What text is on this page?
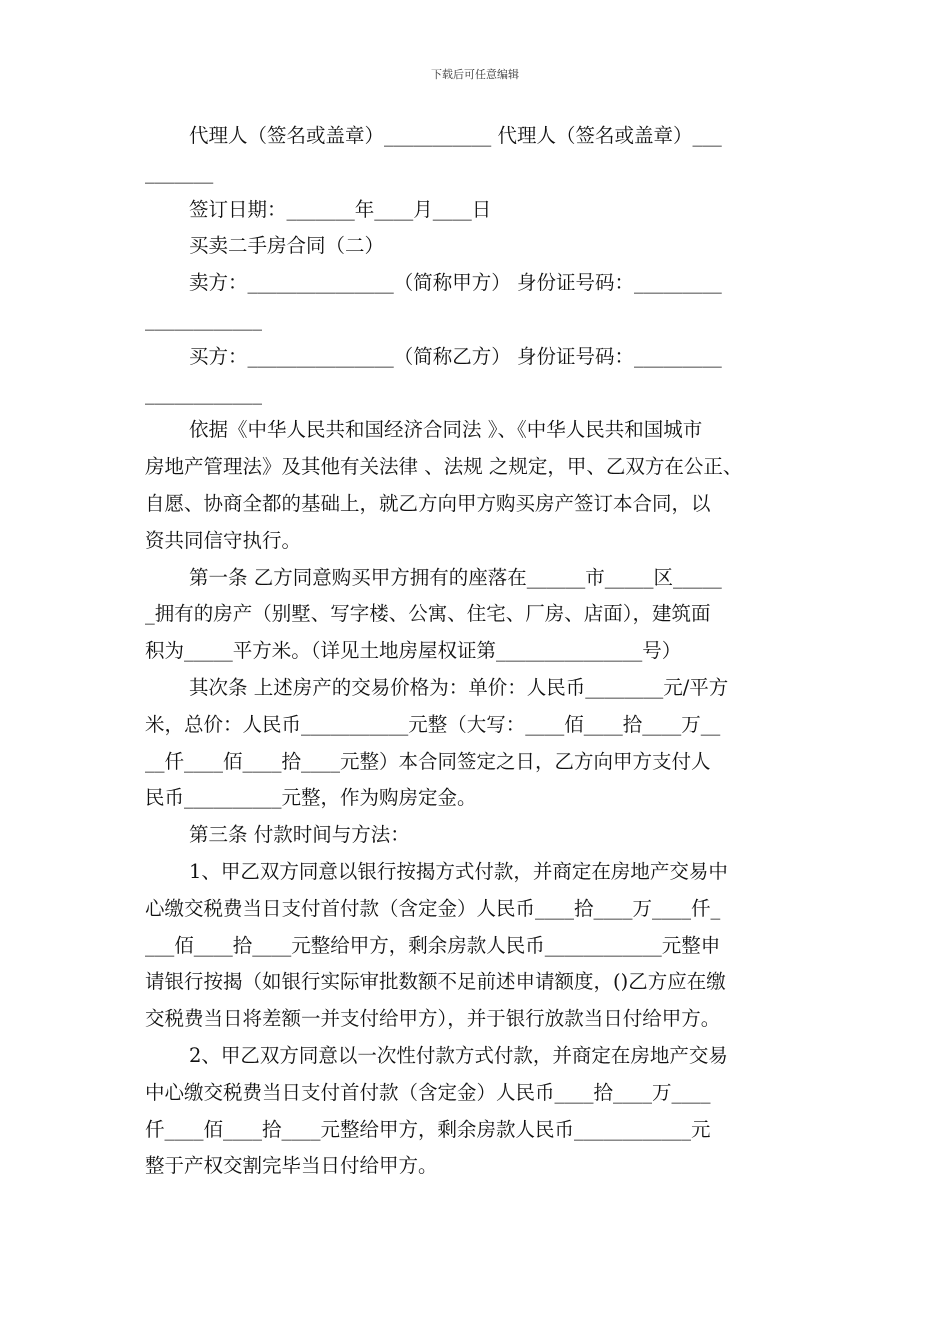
下载后可任意编辑
代理人（签名或盖章）___________ 代理人（签名或盖章）___
_______
签订日期：_______年____月____日
买卖二手房合同（二）
卖方：_______________（简称甲方） 身份证号码：_________
____________
买方：_______________（简称乙方） 身份证号码：_________
____________
依据《中华人民共和国经济合同法 》、《中华人民共和国城市
房地产管理法》及其他有关法律 、法规 之规定，甲、乙双方在公正、
自愿、协商全都的基础上，就乙方向甲方购买房产签订本合同，以
资共同信守执行。
第一条 乙方同意购买甲方拥有的座落在______市_____区_____
_拥有的房产（别墅、写字楼、公寓、住宅、厂房、店面），建筑面
积为_____平方米。（详见土地房屋权证第_______________号）
其次条 上述房产的交易价格为：单价：人民币________元/平方
米，总价：人民币___________元整（大写：____佰____拾____万__
__仟____佰____拾____元整）本合同签定之日，乙方向甲方支付人
民币__________元整，作为购房定金。
第三条 付款时间与方法：
1、甲乙双方同意以银行按揭方式付款，并商定在房地产交易中
心缴交税费当日支付首付款（含定金）人民币____拾____万____仟_
___佰____拾____元整给甲方，剩余房款人民币____________元整申
请银行按揭（如银行实际审批数额不足前述申请额度，()乙方应在缴
交税费当日将差额一并支付给甲方），并于银行放款当日付给甲方。
2、甲乙双方同意以一次性付款方式付款，并商定在房地产交易
中心缴交税费当日支付首付款（含定金）人民币____拾____万____
仟____佰____拾____元整给甲方，剩余房款人民币____________元
整于产权交割完毕当日付给甲方。
